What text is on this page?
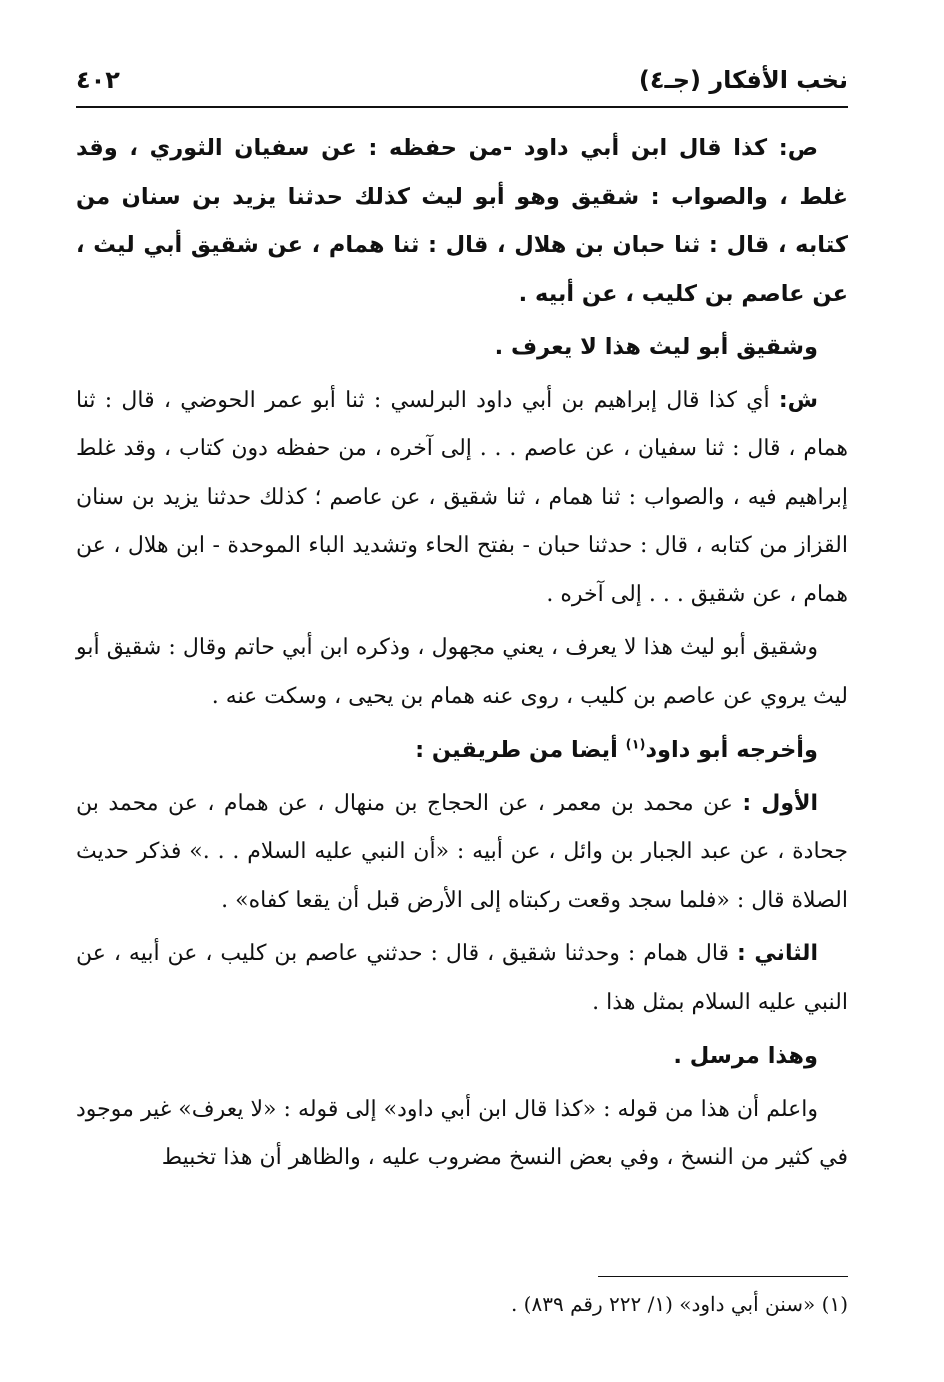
٤٠٢	نخب الأفكار (جـ٤)

ص: كذا قال ابن أبي داود -من حفظه : عن سفيان الثوري ، وقد غلط ، والصواب : شقيق وهو أبو ليث كذلك حدثنا يزيد بن سنان من كتابه ، قال : ثنا حبان بن هلال ، قال : ثنا همام ، عن شقيق أبي ليث ، عن عاصم بن كليب ، عن أبيه .

وشقيق أبو ليث هذا لا يعرف .

ش: أي كذا قال إبراهيم بن أبي داود البرلسي : ثنا أبو عمر الحوضي ، قال : ثنا همام ، قال : ثنا سفيان ، عن عاصم . . . إلى آخره ، من حفظه دون كتاب ، وقد غلط إبراهيم فيه ، والصواب : ثنا همام ، ثنا شقيق ، عن عاصم ؛ كذلك حدثنا يزيد بن سنان القزاز من كتابه ، قال : حدثنا حبان - بفتح الحاء وتشديد الباء الموحدة - ابن هلال ، عن همام ، عن شقيق . . . إلى آخره .

وشقيق أبو ليث هذا لا يعرف ، يعني مجهول ، وذكره ابن أبي حاتم وقال : شقيق أبو ليث يروي عن عاصم بن كليب ، روى عنه همام بن يحيى ، وسكت عنه .

وأخرجه أبو داود$^{(١)}$ أيضا من طريقين :

الأول : عن محمد بن معمر ، عن الحجاج بن منهال ، عن همام ، عن محمد بن جحادة ، عن عبد الجبار بن وائل ، عن أبيه : «أن النبي عليه السلام . . .» فذكر حديث الصلاة قال : «فلما سجد وقعت ركبتاه إلى الأرض قبل أن يقعا كفاه» .

الثاني : قال همام : وحدثنا شقيق ، قال : حدثني عاصم بن كليب ، عن أبيه ، عن النبي عليه السلام بمثل هذا .

وهذا مرسل .

واعلم أن هذا من قوله : «كذا قال ابن أبي داود» إلى قوله : «لا يعرف» غير موجود في كثير من النسخ ، وفي بعض النسخ مضروب عليه ، والظاهر أن هذا تخبيط

(١) «سنن أبي داود» (١/ ٢٢٢ رقم ٨٣٩) .
